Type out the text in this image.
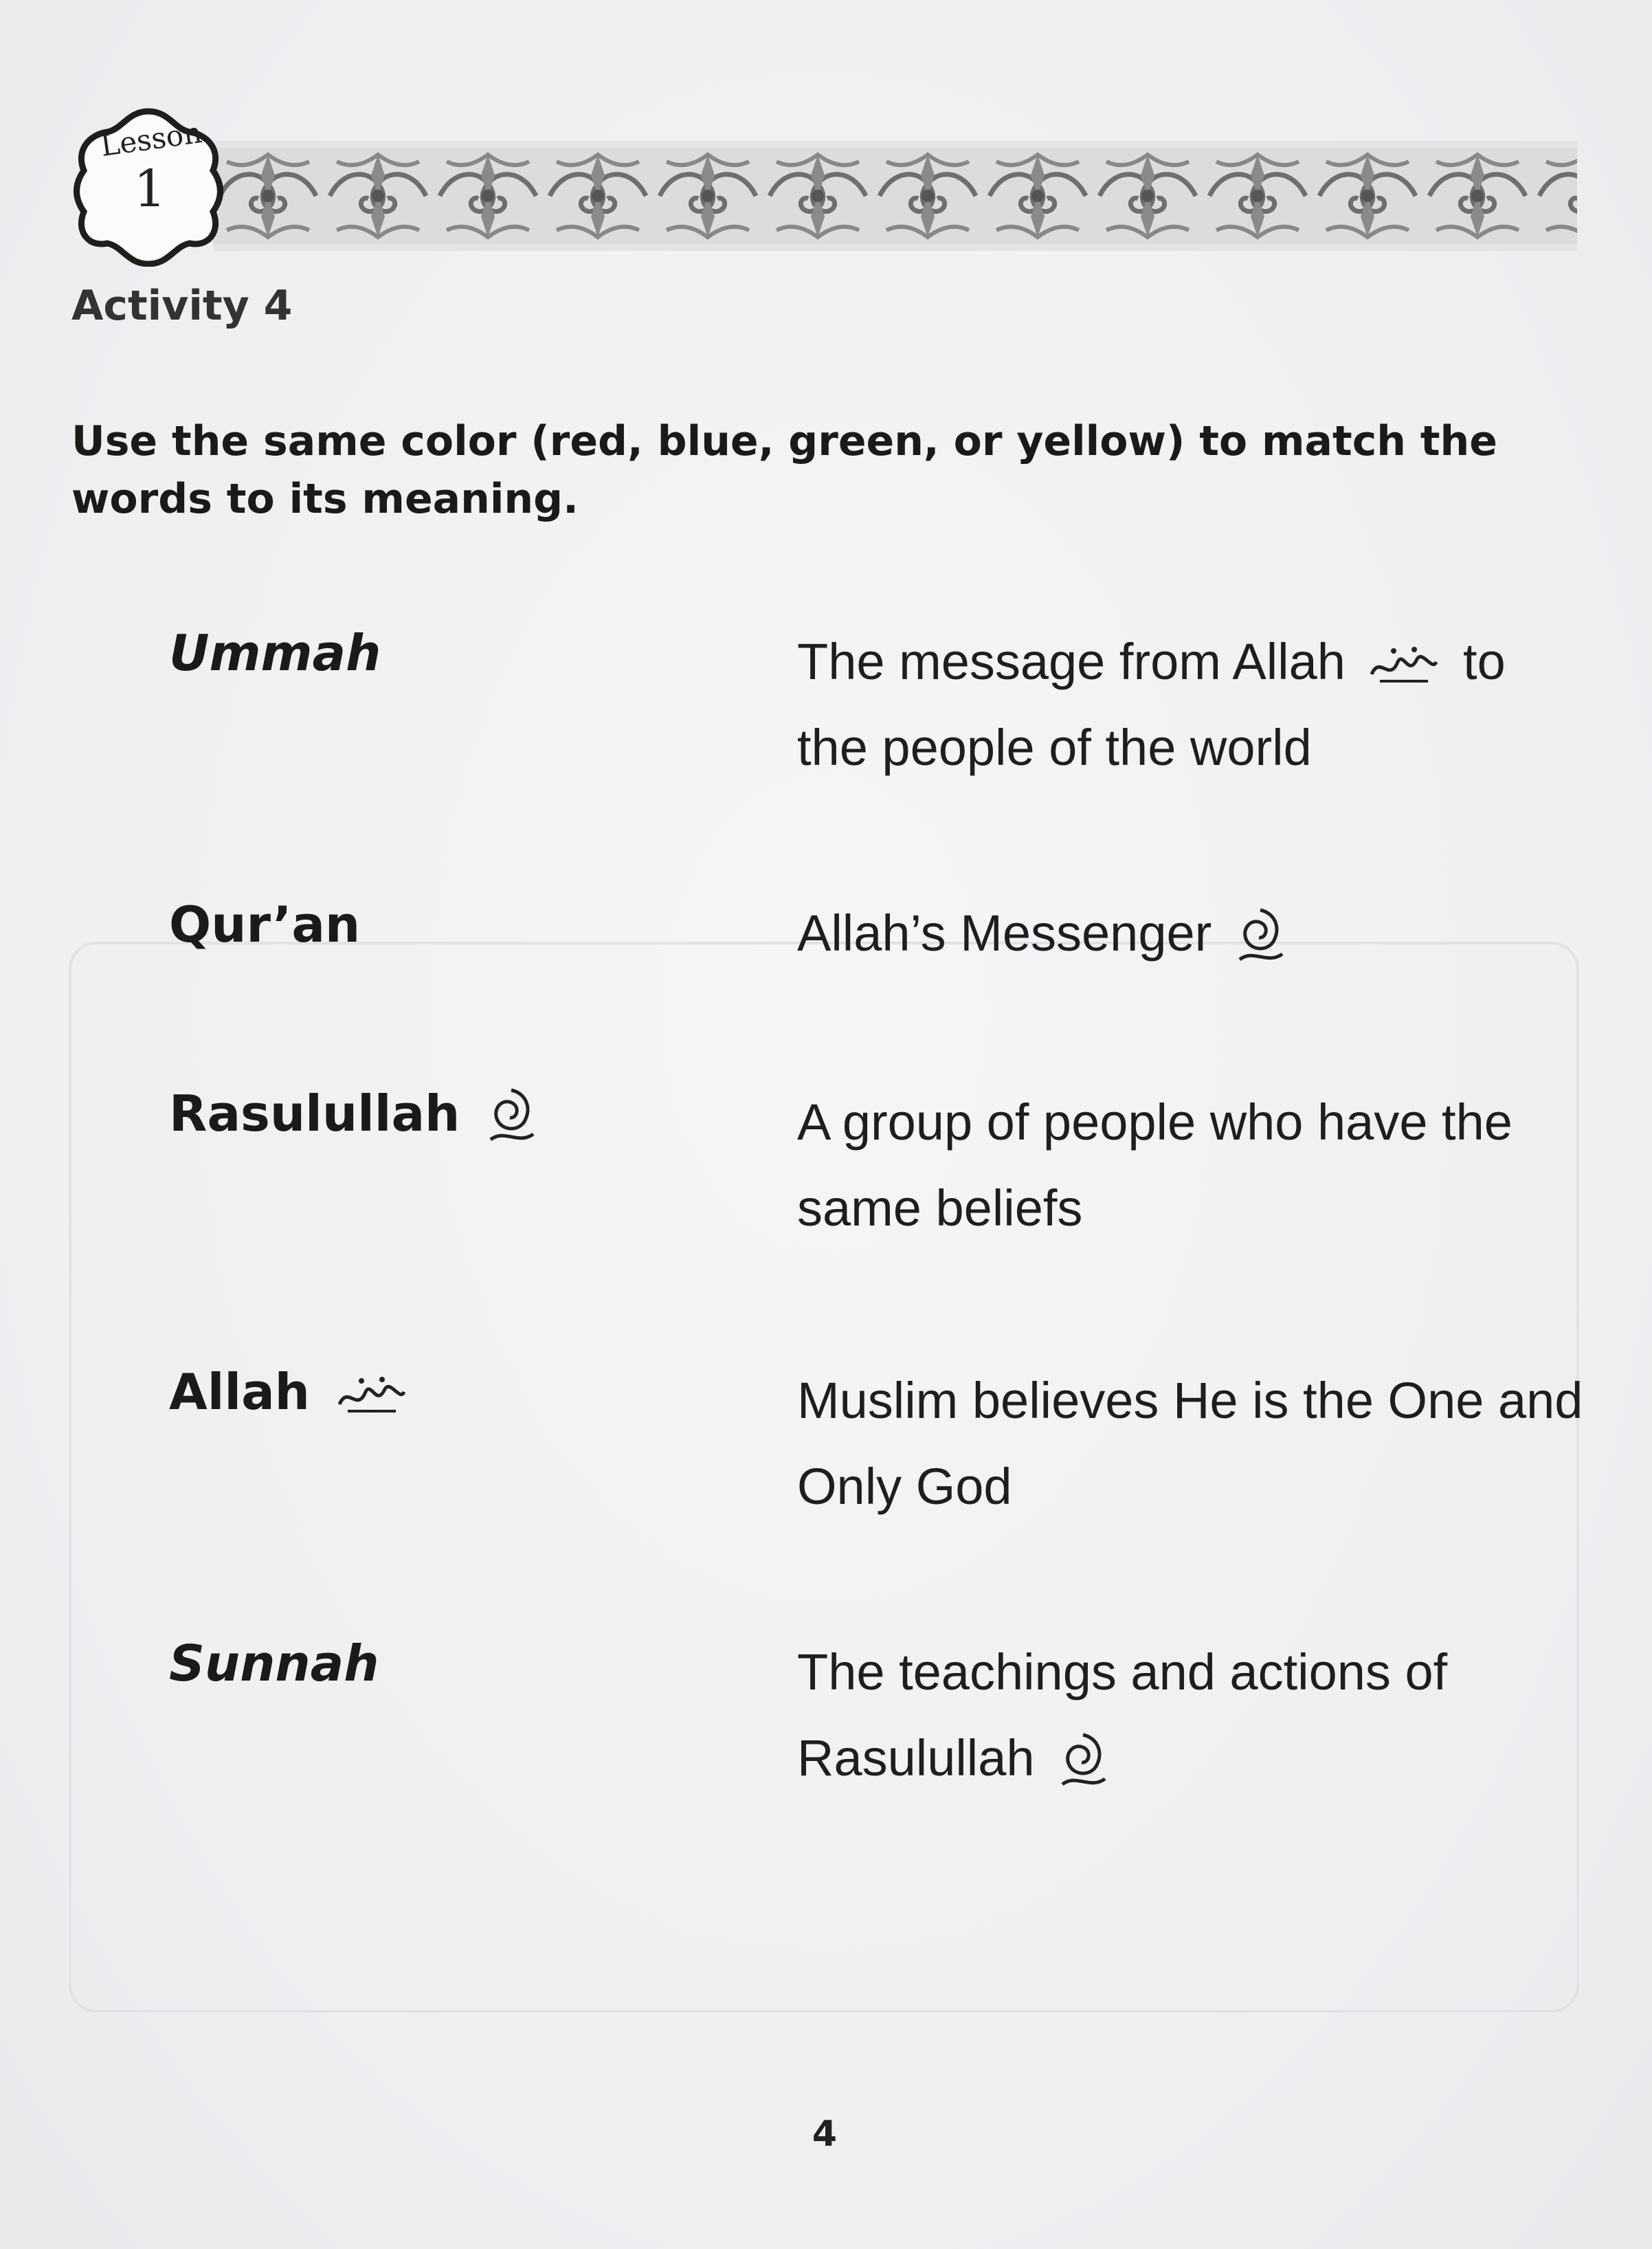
Lesson
1
Activity 4
Use the same color (red, blue, green, or yellow) to match the words to its meaning.
Ummah	The message from Allah to the people of the world
Qur’an	Allah’s Messenger
Rasulullah	A group of people who have the same beliefs
Allah	Muslim believes He is the One and Only God
Sunnah	The teachings and actions of Rasulullah
4
